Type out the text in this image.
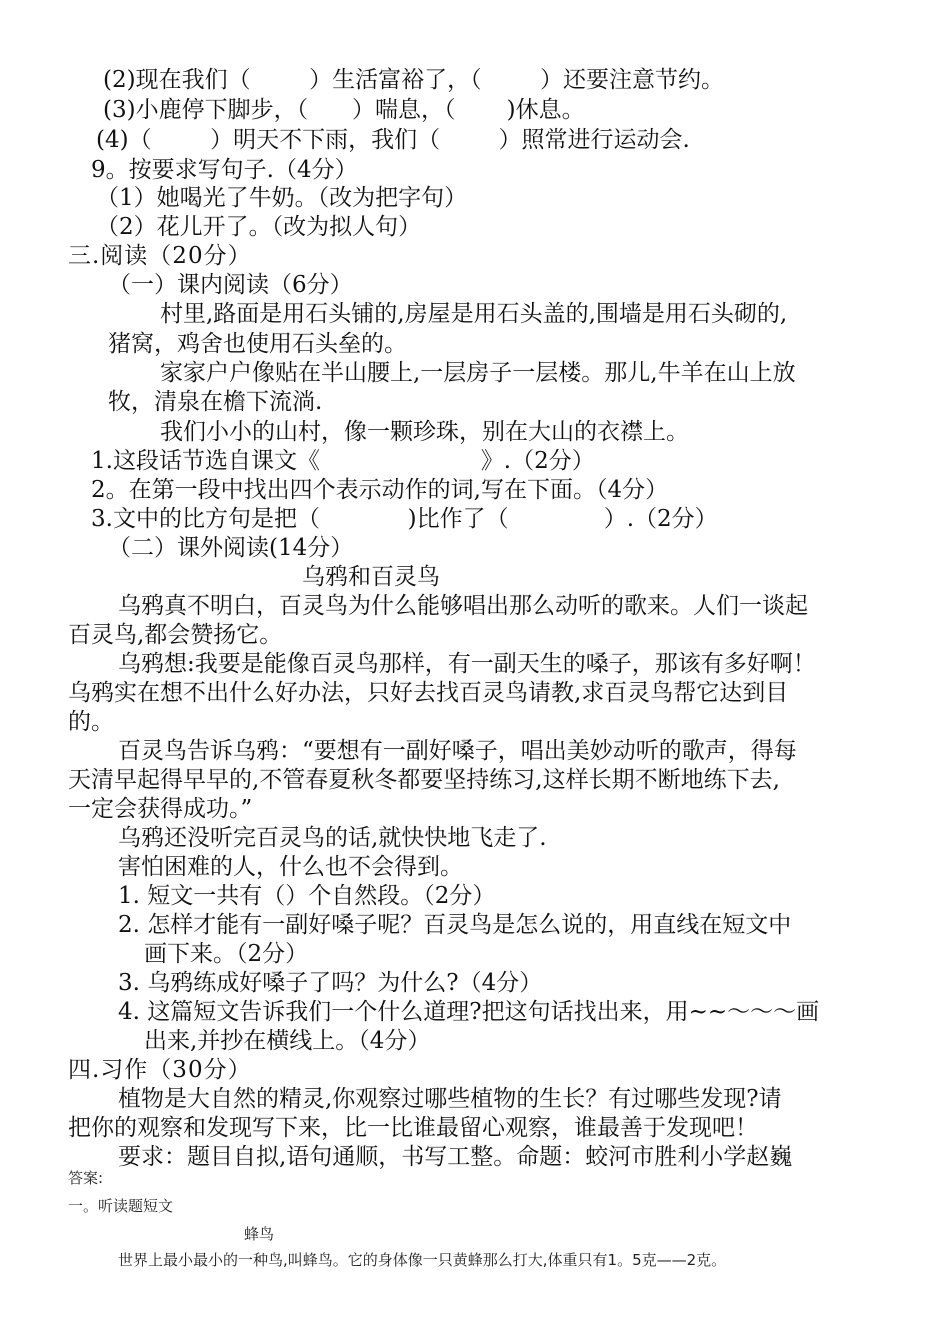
(2)现在我们（        ）生活富裕了，（        ）还要注意节约。
(3)小鹿停下脚步，（      ）喘息，（       )休息。
(4)（        ）明天不下雨，我们（        ）照常进行运动会.
9。按要求写句子.（4分）
（1）她喝光了牛奶。（改为把字句）
（2）花儿开了。（改为拟人句）
三.阅读（20分）
（一）课内阅读（6分）
村里,路面是用石头铺的,房屋是用石头盖的,围墙是用石头砌的,
猪窝，鸡舍也使用石头垒的。
家家户户像贴在半山腰上,一层房子一层楼。那儿,牛羊在山上放
牧，清泉在檐下流淌.
我们小小的山村，像一颗珍珠，别在大山的衣襟上。
1.这段话节选自课文《                      》.（2分）
2。在第一段中找出四个表示动作的词,写在下面。（4分）
3.文中的比方句是把（            )比作了（             ）.（2分）
（二）课外阅读(14分）
乌鸦和百灵鸟
乌鸦真不明白，百灵鸟为什么能够唱出那么动听的歌来。人们一谈起
百灵鸟,都会赞扬它。
乌鸦想:我要是能像百灵鸟那样，有一副天生的嗓子，那该有多好啊！
乌鸦实在想不出什么好办法，只好去找百灵鸟请教,求百灵鸟帮它达到目
的。
百灵鸟告诉乌鸦：“要想有一副好嗓子，唱出美妙动听的歌声，得每
天清早起得早早的,不管春夏秋冬都要坚持练习,这样长期不断地练下去,
一定会获得成功。”
乌鸦还没听完百灵鸟的话,就快快地飞走了.
害怕困难的人，什么也不会得到。
1. 短文一共有（）个自然段。（2分）
2. 怎样才能有一副好嗓子呢？百灵鸟是怎么说的，用直线在短文中
画下来。（2分）
3. 乌鸦练成好嗓子了吗？为什么?（4分）
4. 这篇短文告诉我们一个什么道理?把这句话找出来，用~~～～～画
出来,并抄在横线上。（4分）
四.习作（30分）
植物是大自然的精灵,你观察过哪些植物的生长？有过哪些发现?请
把你的观察和发现写下来，比一比谁最留心观察，谁最善于发现吧！
要求：题目自拟,语句通顺，书写工整。命题：蛟河市胜利小学赵巍
答案:
一。听读题短文
蜂鸟
世界上最小最小的一种鸟,叫蜂鸟。它的身体像一只黄蜂那么打大,体重只有1。5克——2克。
